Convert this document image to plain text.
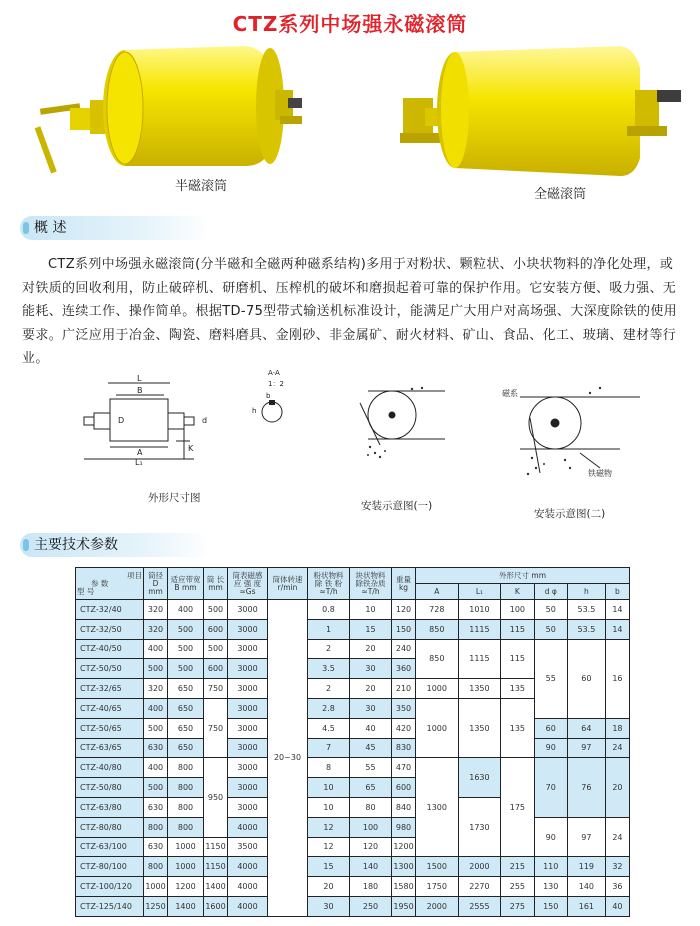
CTZ系列中场强永磁滚筒
半磁滚筒
全磁滚筒
概 述
CTZ系列中场强永磁滚筒(分半磁和全磁两种磁系结构)多用于对粉状、颗粒状、小块状物料的净化处理，或对铁质的回收利用，防止破碎机、研磨机、压榨机的破坏和磨损起着可靠的保护作用。它安装方便、吸力强、无能耗、连续工作、操作简单。根据TD-75型带式输送机标准设计，能满足广大用户对高场强、大深度除铁的使用要求。广泛应用于冶金、陶瓷、磨料磨具、金刚砂、非金属矿、耐火材料、矿山、食品、化工、玻璃、建材等行业。
L
B
A
L₁
K
D	d
外形尺寸图
A-A
1：2
h
b
安装示意图(一)
磁系
铁磁物
安装示意图(二)
主要技术参数
项目
参 数
型 号	筒径 D mm	适应带宽 B mm	筒 长 mm	筒表磁感 应 强 度 ≈Gs	筒体转速 r/min	粉状物料 除 铁 粉 ≈T/h	块状物料 除铁杂质 ≈T/h	重量 kg	外形尺寸 mm					
									A	L₁	K	d φ	h	b
CTZ-32/40	320	400	500	3000	20~30	0.8	10	120	728	1010	100	50	53.5	14
CTZ-32/50	320	500	600	3000		1	15	150	850	1115	115	50	53.5	14
CTZ-40/50	400	500	500	3000		2	20	240	850	1115	115	55	60	16
CTZ-50/50	500	500	600	3000		3.5	30	360						
CTZ-32/65	320	650	750	3000		2	20	210	1000	1350	135			
CTZ-40/65	400	650	750	3000		2.8	30	350	1000	1350	135			
CTZ-50/65	500	650		3000		4.5	40	420				60	64	18
CTZ-63/65	630	650		3000		7	45	830				90	97	24
CTZ-40/80	400	800	950	3000		8	55	470	1300	1630	175	70	76	20
CTZ-50/80	500	800		3000		10	65	600						
CTZ-63/80	630	800		3000		10	80	840		1730				
CTZ-80/80	800	800		4000		12	100	980				90	97	24
CTZ-63/100	630	1000	1150	3500		12	120	1200						
CTZ-80/100	800	1000	1150	4000		15	140	1300	1500	2000	215	110	119	32
CTZ-100/120	1000	1200	1400	4000		20	180	1580	1750	2270	255	130	140	36
CTZ-125/140	1250	1400	1600	4000		30	250	1950	2000	2555	275	150	161	40
